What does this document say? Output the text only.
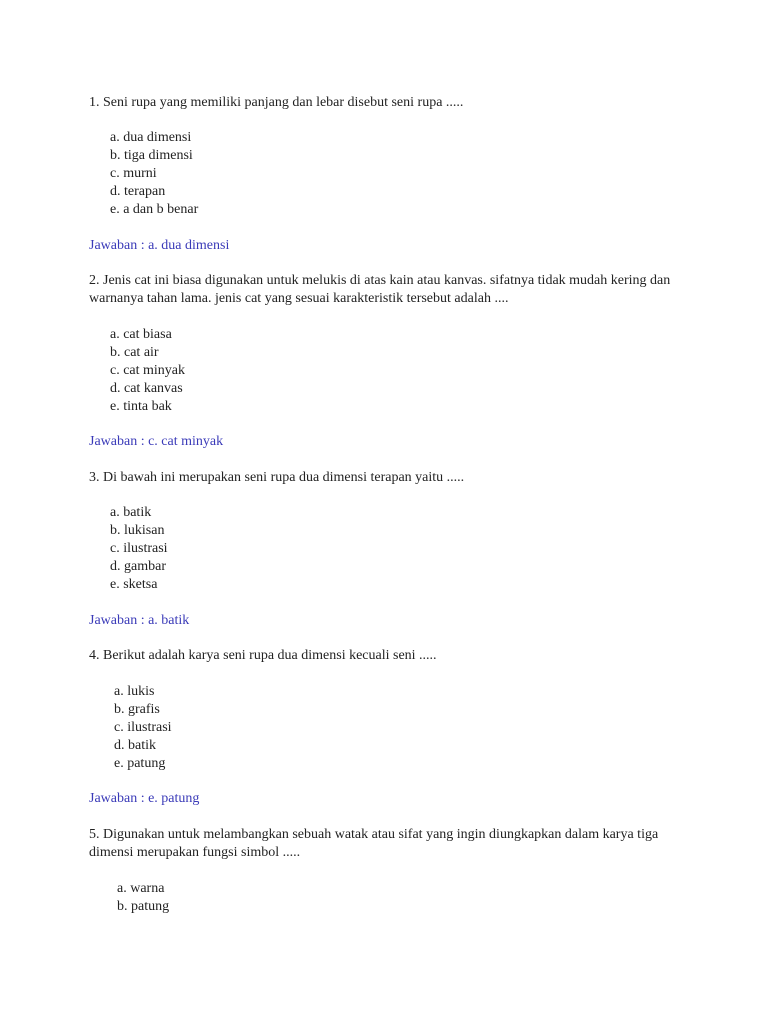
1. Seni rupa yang memiliki panjang dan lebar disebut seni rupa .....

a. dua dimensi
b. tiga dimensi
c. murni
d. terapan
e. a dan b benar

Jawaban : a. dua dimensi

2. Jenis cat ini biasa digunakan untuk melukis di atas kain atau kanvas. sifatnya tidak mudah kering dan warnanya tahan lama. jenis cat yang sesuai karakteristik tersebut adalah ....

a. cat biasa
b. cat air
c. cat minyak
d. cat kanvas
e. tinta bak

Jawaban : c. cat minyak

3. Di bawah ini merupakan seni rupa dua dimensi terapan yaitu .....

a. batik
b. lukisan
c. ilustrasi
d. gambar
e. sketsa

Jawaban : a. batik

4. Berikut adalah karya seni rupa dua dimensi kecuali seni .....

a. lukis
b. grafis
c. ilustrasi
d. batik
e. patung

Jawaban : e. patung

5. Digunakan untuk melambangkan sebuah watak atau sifat yang ingin diungkapkan dalam karya tiga dimensi merupakan fungsi simbol .....

a. warna
b. patung
